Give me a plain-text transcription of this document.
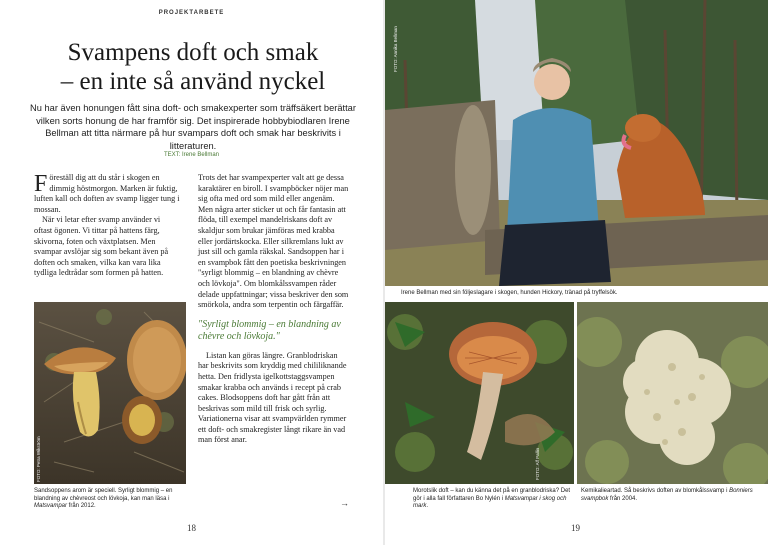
PROJEKTARBETE
Svampens doft och smak
– en inte så använd nyckel
Nu har även honungen fått sina doft- och smakexperter som träffsäkert berättar vilken sorts honung de har framför sig. Det inspirerade hobbybiodlaren Irene Bellman att titta närmare på hur svampars doft och smak har beskrivits i litteraturen.
TEXT: Irene Bellman

Föreställ dig att du står i skogen en dimmig höstmorgon. Marken är fuktig, luften kall och doften av svamp ligger tung i mossan.

När vi letar efter svamp använder vi oftast ögonen. Vi tittar på hattens färg, skivorna, foten och växtplatsen. Men svampar avslöjar sig som bekant även på doften och smaken, vilka kan vara lika tydliga ledtrådar som formen på hatten.

FOTO: Petra Wikström
Sandsoppens arom är speciell. Syrligt blommig – en blandning av chèvreost och lövkoja, kan man läsa i Matsvampar från 2012.

Trots det har svampexperter valt att ge dessa karaktärer en biroll. I svampböcker nöjer man sig ofta med ord som mild eller angenäm. Men några arter sticker ut och får fantasin att flöda, till exempel mandelriskans doft av skaldjur som brukar jämföras med krabba eller jordärtskocka. Eller silkremlans lukt av just sill och gamla räkskal. Sandsoppen har i en svampbok fått den poetiska beskrivningen "syrligt blommig – en blandning av chèvre och lövkoja". Om blomkålssvampen råder delade uppfattningar; vissa beskriver den som smörkola, andra som terpentin och färgaffär.

"Syrligt blommig – en blandning av chèvre och lövkoja."

Listan kan göras längre. Granblodriskan har beskrivits som kryddig med chililiknande hetta. Den fridlysta igelkottstaggsvampen smakar krabba och används i recept på crab cakes. Blodsoppens doft har gått från att beskrivas som mild till frisk och syrlig. Variationerna visar att svampvärlden rymmer ett doft- och smakregister långt rikare än vad man först anar.

→
18
FOTO: Annika Bellman
Irene Bellman med sin följeslagare i skogen, hunden Hickory, tränad på tryffelsök.
FOTO: Alf Pallin
Morotslik doft – kan du känna det på en granblodriska? Det gör i alla fall författaren Bo Nylén i Matsvampar i skog och mark.
Kemikalieartad. Så beskrivs doften av blomkålssvamp i Bonniers svampbok från 2004.
19
